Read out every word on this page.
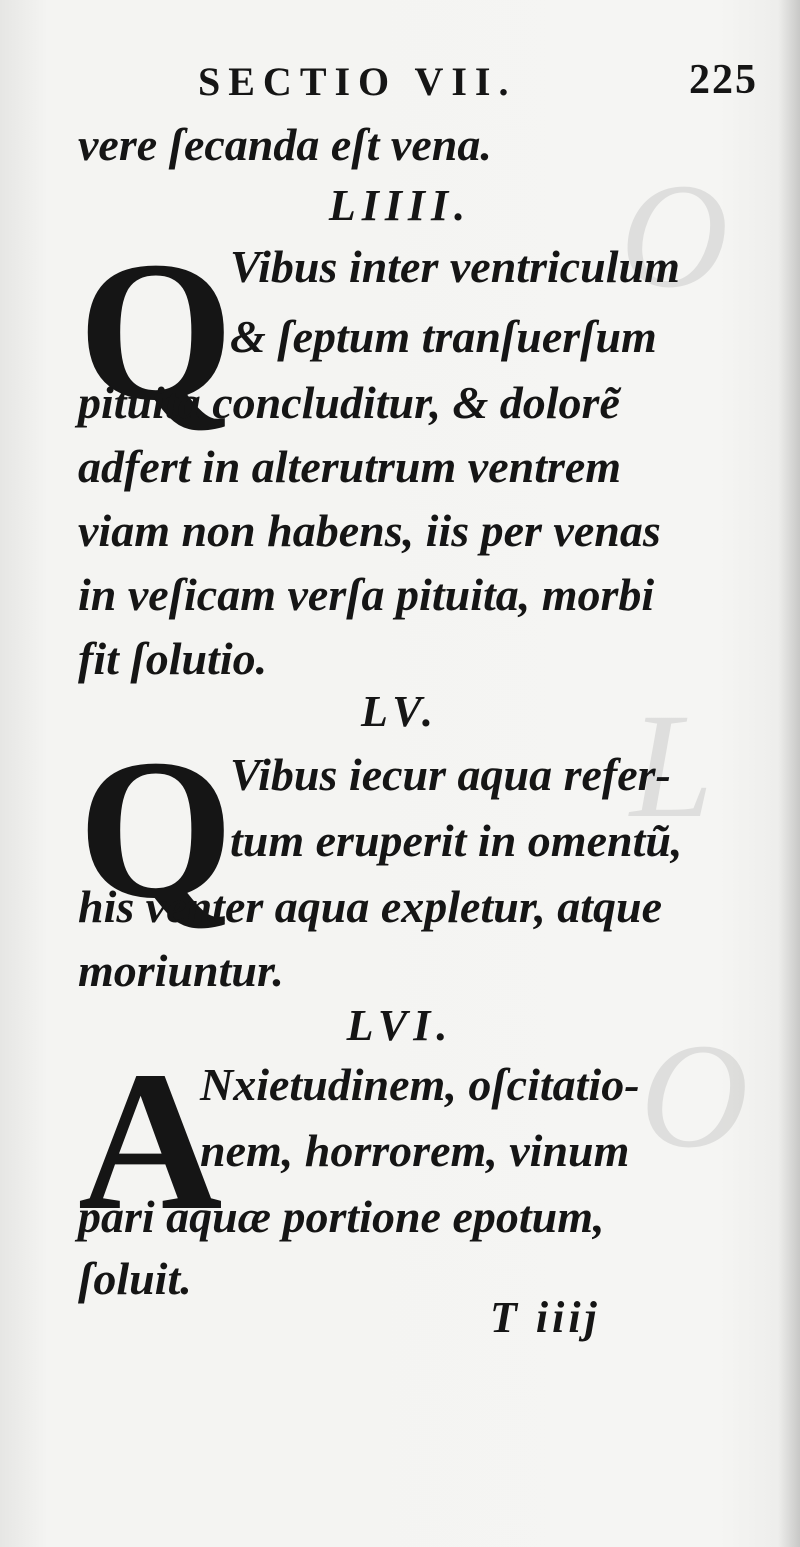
O
L
O
SECTIO VII.	225
vere ſecanda eſt vena.
LIIII.
Q
Vibus inter ventriculum
& ſeptum tranſuerſum
pituita concluditur, & dolorẽ
adfert in alterutrum ventrem
viam non habens, iis per venas
in veſicam verſa pituita, morbi
fit ſolutio.
LV.
Q
Vibus iecur aqua refer-
tum eruperit in omentũ,
his venter aqua expletur, atque
moriuntur.
LVI.
A
Nxietudinem, oſcitatio-
nem, horrorem, vinum
pari aquæ portione epotum,
ſoluit.
T iiij
